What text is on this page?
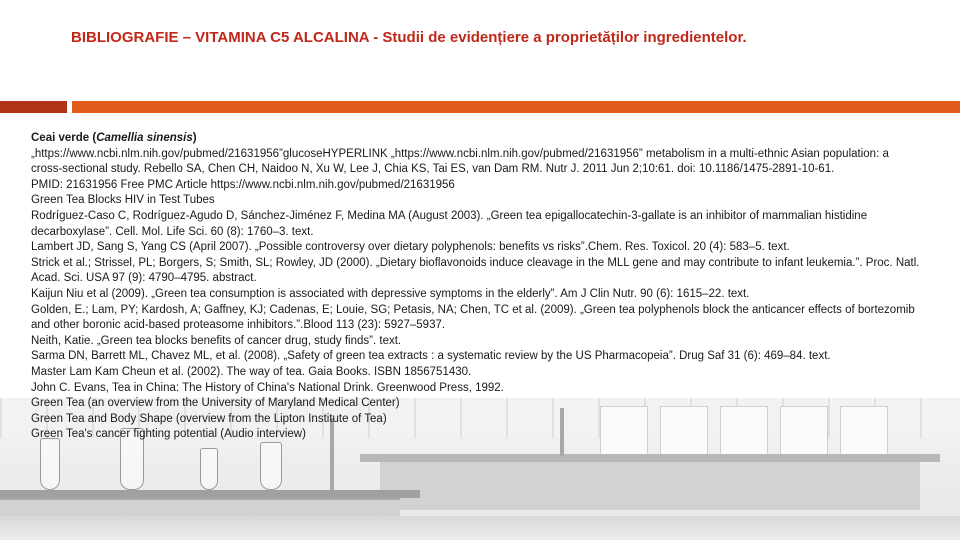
BIBLIOGRAFIE – VITAMINA C5 ALCALINA - Studii de evidențiere a proprietăților ingredientelor.

Ceai verde (Camellia sinensis)

„https://www.ncbi.nlm.nih.gov/pubmed/21631956”glucoseHYPERLINK „https://www.ncbi.nlm.nih.gov/pubmed/21631956” metabolism in a multi-ethnic Asian population: a cross-sectional study. Rebello SA, Chen CH, Naidoo N, Xu W, Lee J, Chia KS, Tai ES, van Dam RM. Nutr J. 2011 Jun 2;10:61. doi: 10.1186/1475-2891-10-61.

PMID: 21631956 Free PMC Article https://www.ncbi.nlm.nih.gov/pubmed/21631956

Green Tea Blocks HIV in Test Tubes

Rodríguez-Caso C, Rodríguez-Agudo D, Sánchez-Jiménez F, Medina MA (August 2003). „Green tea epigallocatechin-3-gallate is an inhibitor of mammalian histidine decarboxylase”. Cell. Mol. Life Sci. 60 (8): 1760–3. text.

Lambert JD, Sang S, Yang CS (April 2007). „Possible controversy over dietary polyphenols: benefits vs risks”.Chem. Res. Toxicol. 20 (4): 583–5. text.

Strick et al.; Strissel, PL; Borgers, S; Smith, SL; Rowley, JD (2000). „Dietary bioflavonoids induce cleavage in the MLL gene and may contribute to infant leukemia.”. Proc. Natl. Acad. Sci. USA 97 (9): 4790–4795. abstract.

Kaijun Niu et al (2009). „Green tea consumption is associated with depressive symptoms in the elderly”. Am J Clin Nutr. 90 (6): 1615–22. text.

Golden, E.; Lam, PY; Kardosh, A; Gaffney, KJ; Cadenas, E; Louie, SG; Petasis, NA; Chen, TC et al. (2009). „Green tea polyphenols block the anticancer effects of bortezomib and other boronic acid-based proteasome inhibitors.”.Blood 113 (23): 5927–5937.

Neith, Katie. „Green tea blocks benefits of cancer drug, study finds”. text.

Sarma DN, Barrett ML, Chavez ML, et al. (2008). „Safety of green tea extracts : a systematic review by the US Pharmacopeia”. Drug Saf 31 (6): 469–84. text.

Master Lam Kam Cheun et al. (2002). The way of tea. Gaia Books. ISBN 1856751430.

John C. Evans, Tea in China: The History of China's National Drink. Greenwood Press, 1992.

Green Tea (an overview from the University of Maryland Medical Center)

Green Tea and Body Shape (overview from the Lipton Institute of Tea)

Green Tea's cancer fighting potential (Audio interview)
